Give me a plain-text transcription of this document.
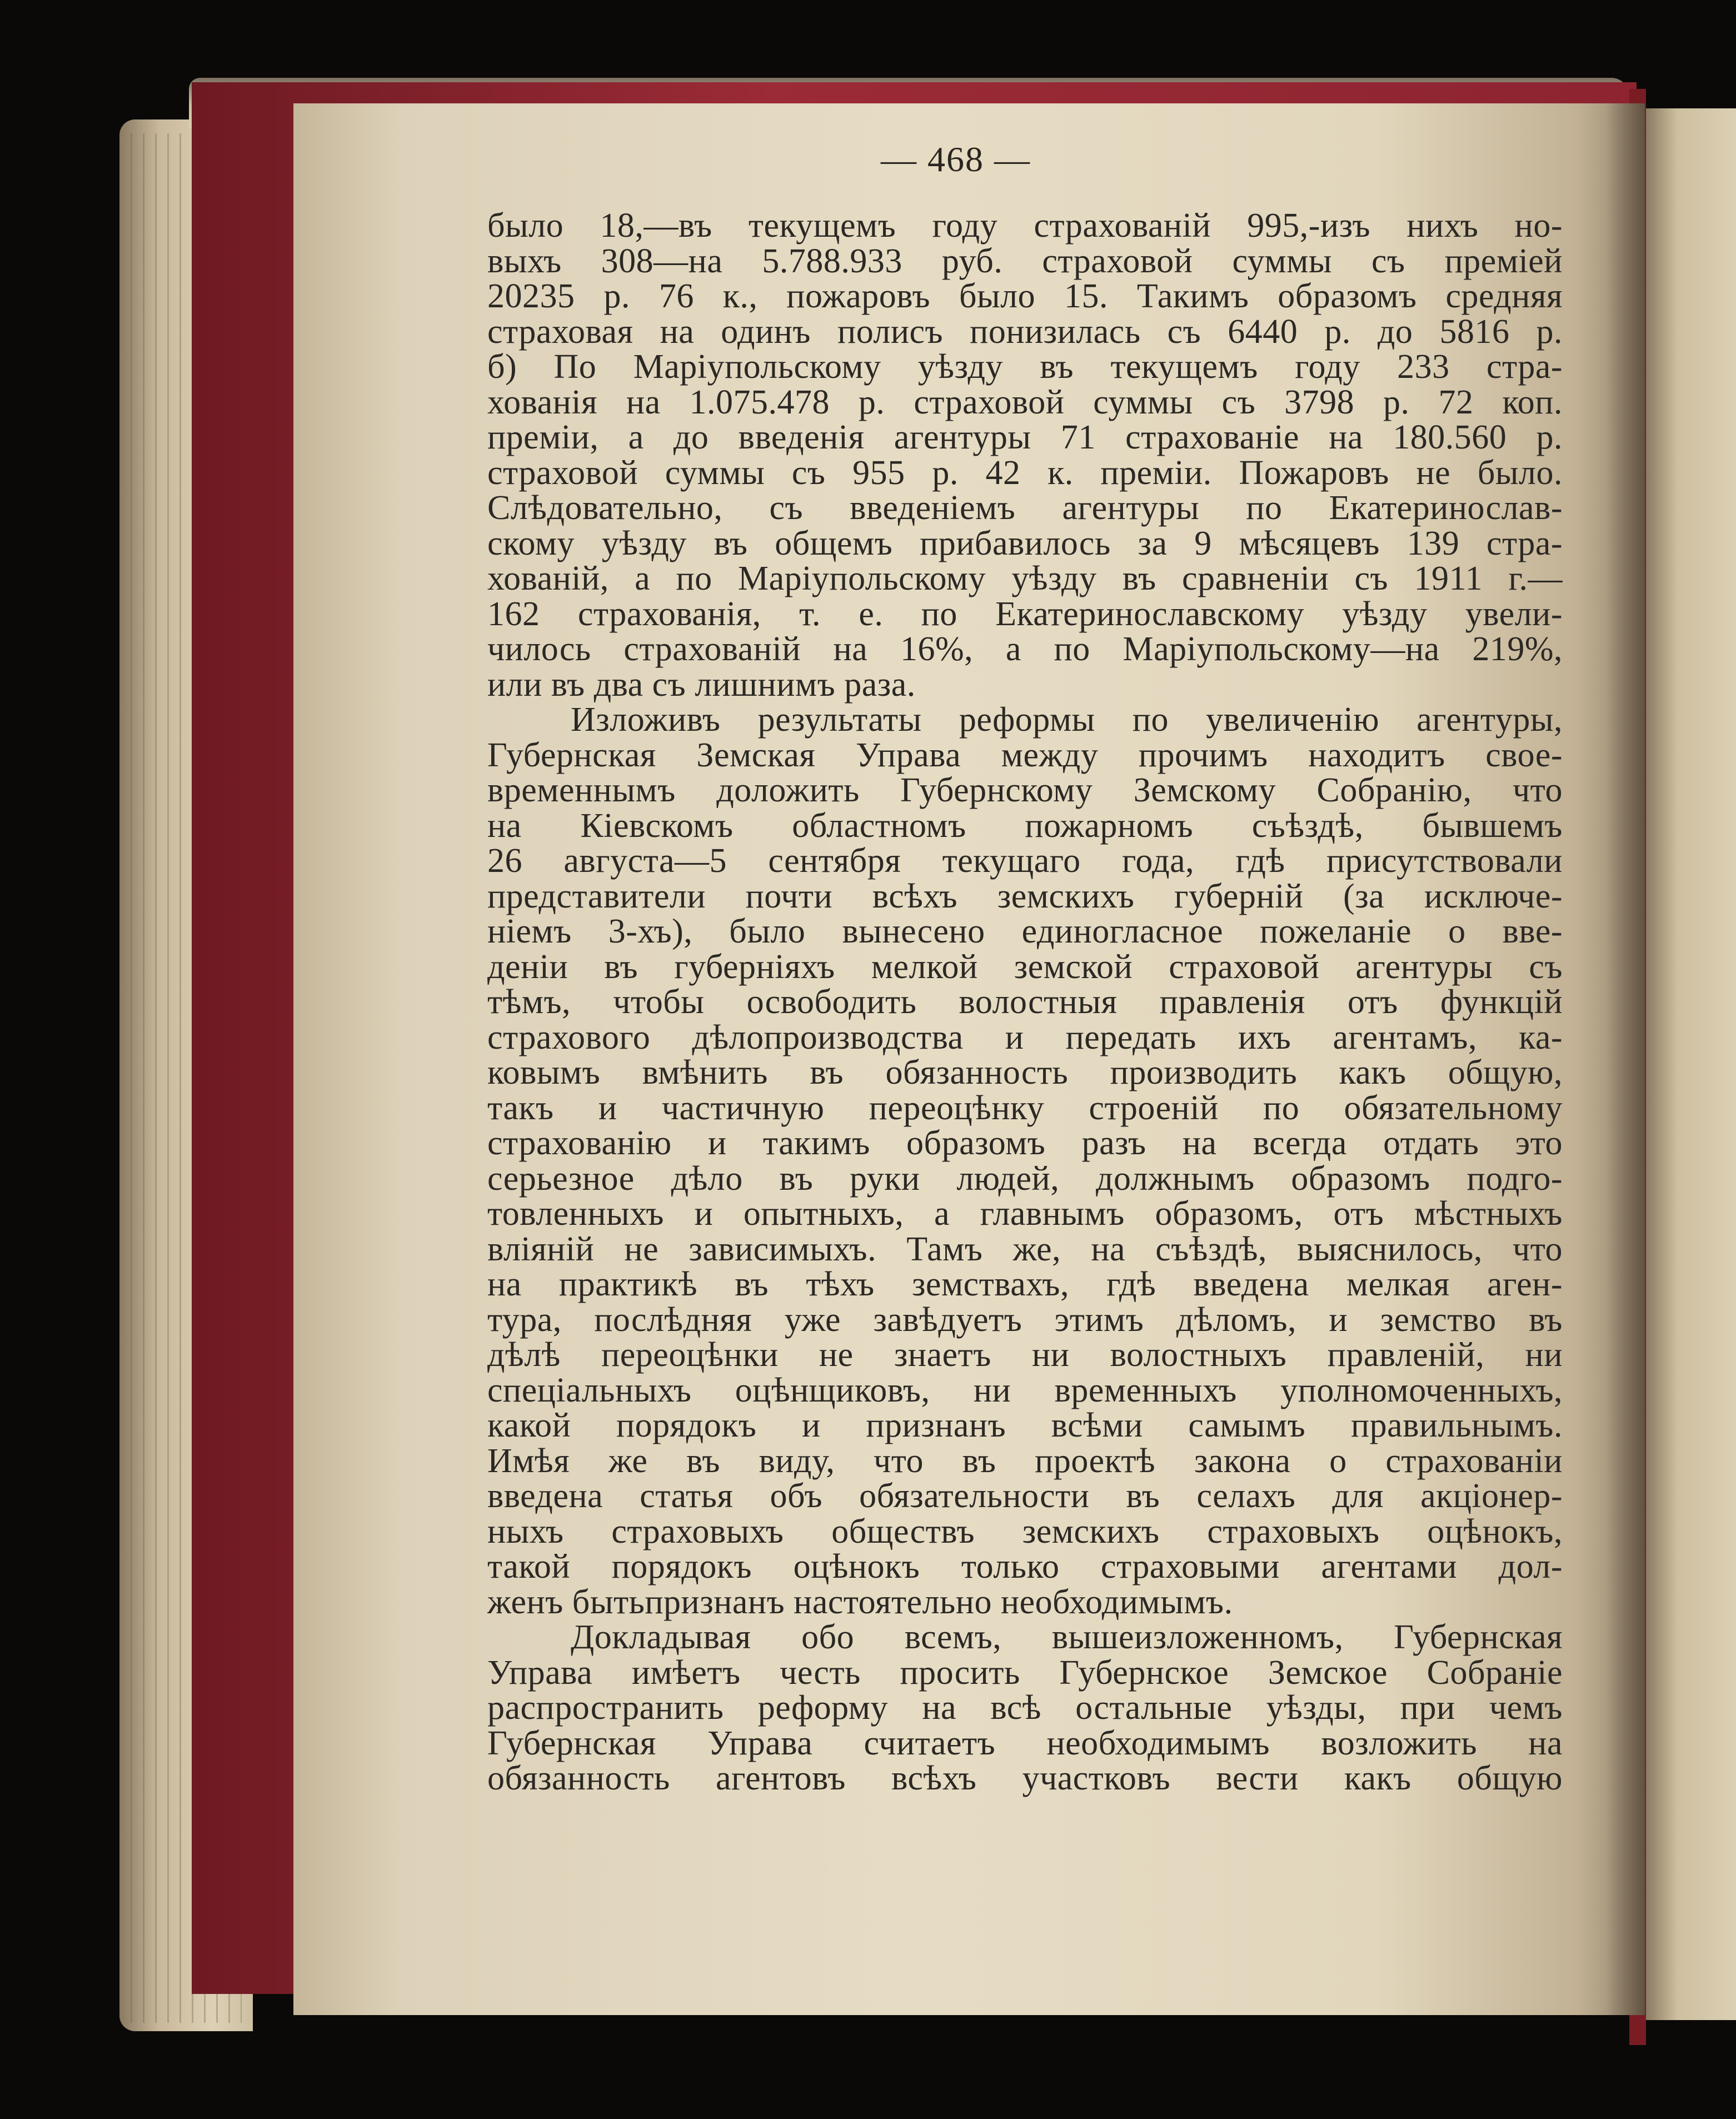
— 468 —
было 18,—въ текущемъ году страхованій 995,-изъ нихъ но-
выхъ 308—на 5.788.933 руб. страховой суммы съ преміей
20235 р. 76 к., пожаровъ было 15. Такимъ образомъ средняя
страховая на одинъ полисъ понизилась съ 6440 р. до 5816 р.
б) По Маріупольскому уѣзду въ текущемъ году 233 стра-
хованія на 1.075.478 р. страховой суммы съ 3798 р. 72 коп.
преміи, а до введенія агентуры 71 страхованіе на 180.560 р.
страховой суммы съ 955 р. 42 к. преміи. Пожаровъ не было.
Слѣдовательно, съ введеніемъ агентуры по Екатеринослав-
скому уѣзду въ общемъ прибавилось за 9 мѣсяцевъ 139 стра-
хованій, а по Маріупольскому уѣзду въ сравненіи съ 1911 г.—
162 страхованія, т. е. по Екатеринославскому уѣзду увели-
чилось страхованій на 16%, а по Маріупольскому—на 219%,
или въ два съ лишнимъ раза.
Изложивъ результаты реформы по увеличенію агентуры,
Губернская Земская Управа между прочимъ находитъ свое-
временнымъ доложить Губернскому Земскому Собранію, что
на Кіевскомъ областномъ пожарномъ съѣздѣ, бывшемъ
26 августа—5 сентября текущаго года, гдѣ присутствовали
представители почти всѣхъ земскихъ губерній (за исключе-
ніемъ 3-хъ), было вынесено единогласное пожеланіе о вве-
деніи въ губерніяхъ мелкой земской страховой агентуры съ
тѣмъ, чтобы освободить волостныя правленія отъ функцій
страхового дѣлопроизводства и передать ихъ агентамъ, ка-
ковымъ вмѣнить въ обязанность производить какъ общую,
такъ и частичную переоцѣнку строеній по обязательному
страхованію и такимъ образомъ разъ на всегда отдать это
серьезное дѣло въ руки людей, должнымъ образомъ подго-
товленныхъ и опытныхъ, а главнымъ образомъ, отъ мѣстныхъ
вліяній не зависимыхъ. Тамъ же, на съѣздѣ, выяснилось, что
на практикѣ въ тѣхъ земствахъ, гдѣ введена мелкая аген-
тура, послѣдняя уже завѣдуетъ этимъ дѣломъ, и земство въ
дѣлѣ переоцѣнки не знаетъ ни волостныхъ правленій, ни
спеціальныхъ оцѣнщиковъ, ни временныхъ уполномоченныхъ,
какой порядокъ и признанъ всѣми самымъ правильнымъ.
Имѣя же въ виду, что въ проектѣ закона о страхованіи
введена статья объ обязательности въ селахъ для акціонер-
ныхъ страховыхъ обществъ земскихъ страховыхъ оцѣнокъ,
такой порядокъ оцѣнокъ только страховыми агентами дол-
женъ бытьпризнанъ настоятельно необходимымъ.
Докладывая обо всемъ, вышеизложенномъ, Губернская
Управа имѣетъ честь просить Губернское Земское Собраніе
распространить реформу на всѣ остальные уѣзды, при чемъ
Губернская Управа считаетъ необходимымъ возложить на
обязанность агентовъ всѣхъ участковъ вести какъ общую
